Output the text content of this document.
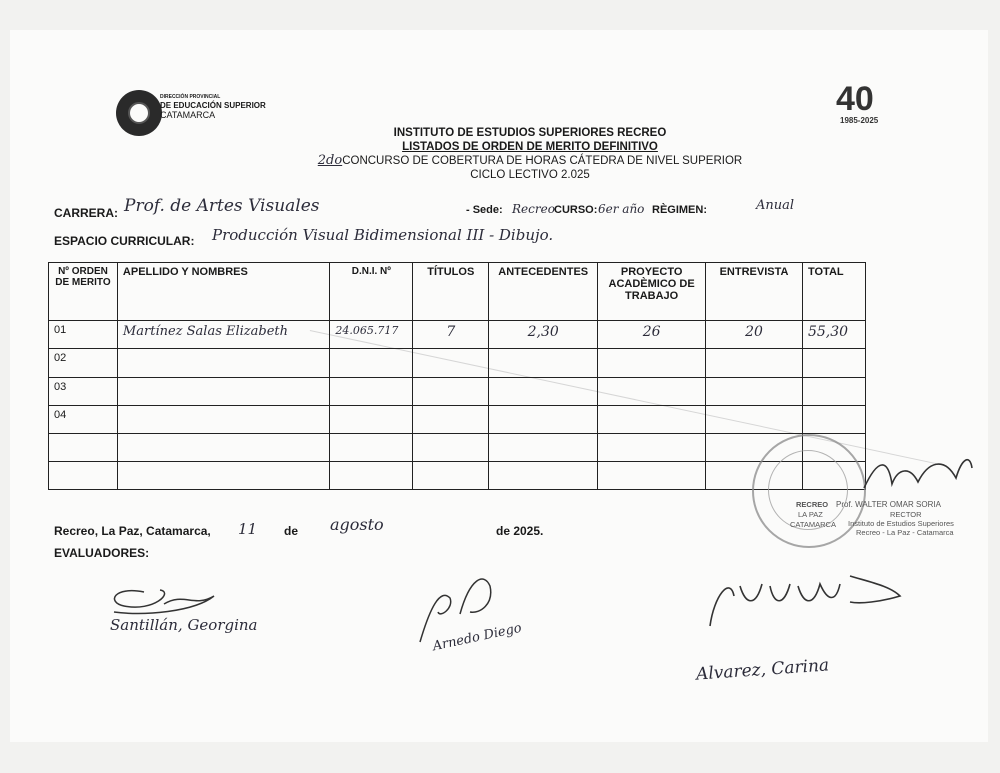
DIRECCIÓN PROVINCIAL
DE EDUCACIÓN SUPERIOR
CATAMARCA	40
1985-2025
INSTITUTO DE ESTUDIOS SUPERIORES RECREO
LISTADOS DE ORDEN DE MERITO DEFINITIVO
2doCONCURSO DE COBERTURA DE HORAS CÁTEDRA DE NIVEL SUPERIOR
CICLO LECTIVO 2.025
CARRERA: Prof. de Artes Visuales	- Sede: Recreo CURSO: 6er año RÈGIMEN:	Anual
ESPACIO CURRICULAR: Producción Visual Bidimensional III - Dibujo.
Nº ORDEN DE MERITO	APELLIDO Y NOMBRES	D.N.I. Nº	TÍTULOS	ANTECEDENTES	PROYECTO ACADÈMICO DE TRABAJO	ENTREVISTA	TOTAL
01	Martínez Salas Elizabeth	24.065.717	7	2,30	26	20	55,30
02							
03							
04							

RECREO
LA PAZ
CATAMARCA
Prof. WALTER OMAR SORIA
RECTOR
Instituto de Estudios Superiores
Recreo - La Paz - Catamarca
Recreo, La Paz, Catamarca, 11 de agosto	de 2025.
EVALUADORES:
Santillán, Georgina	Arnedo Diego
Alvarez, Carina
